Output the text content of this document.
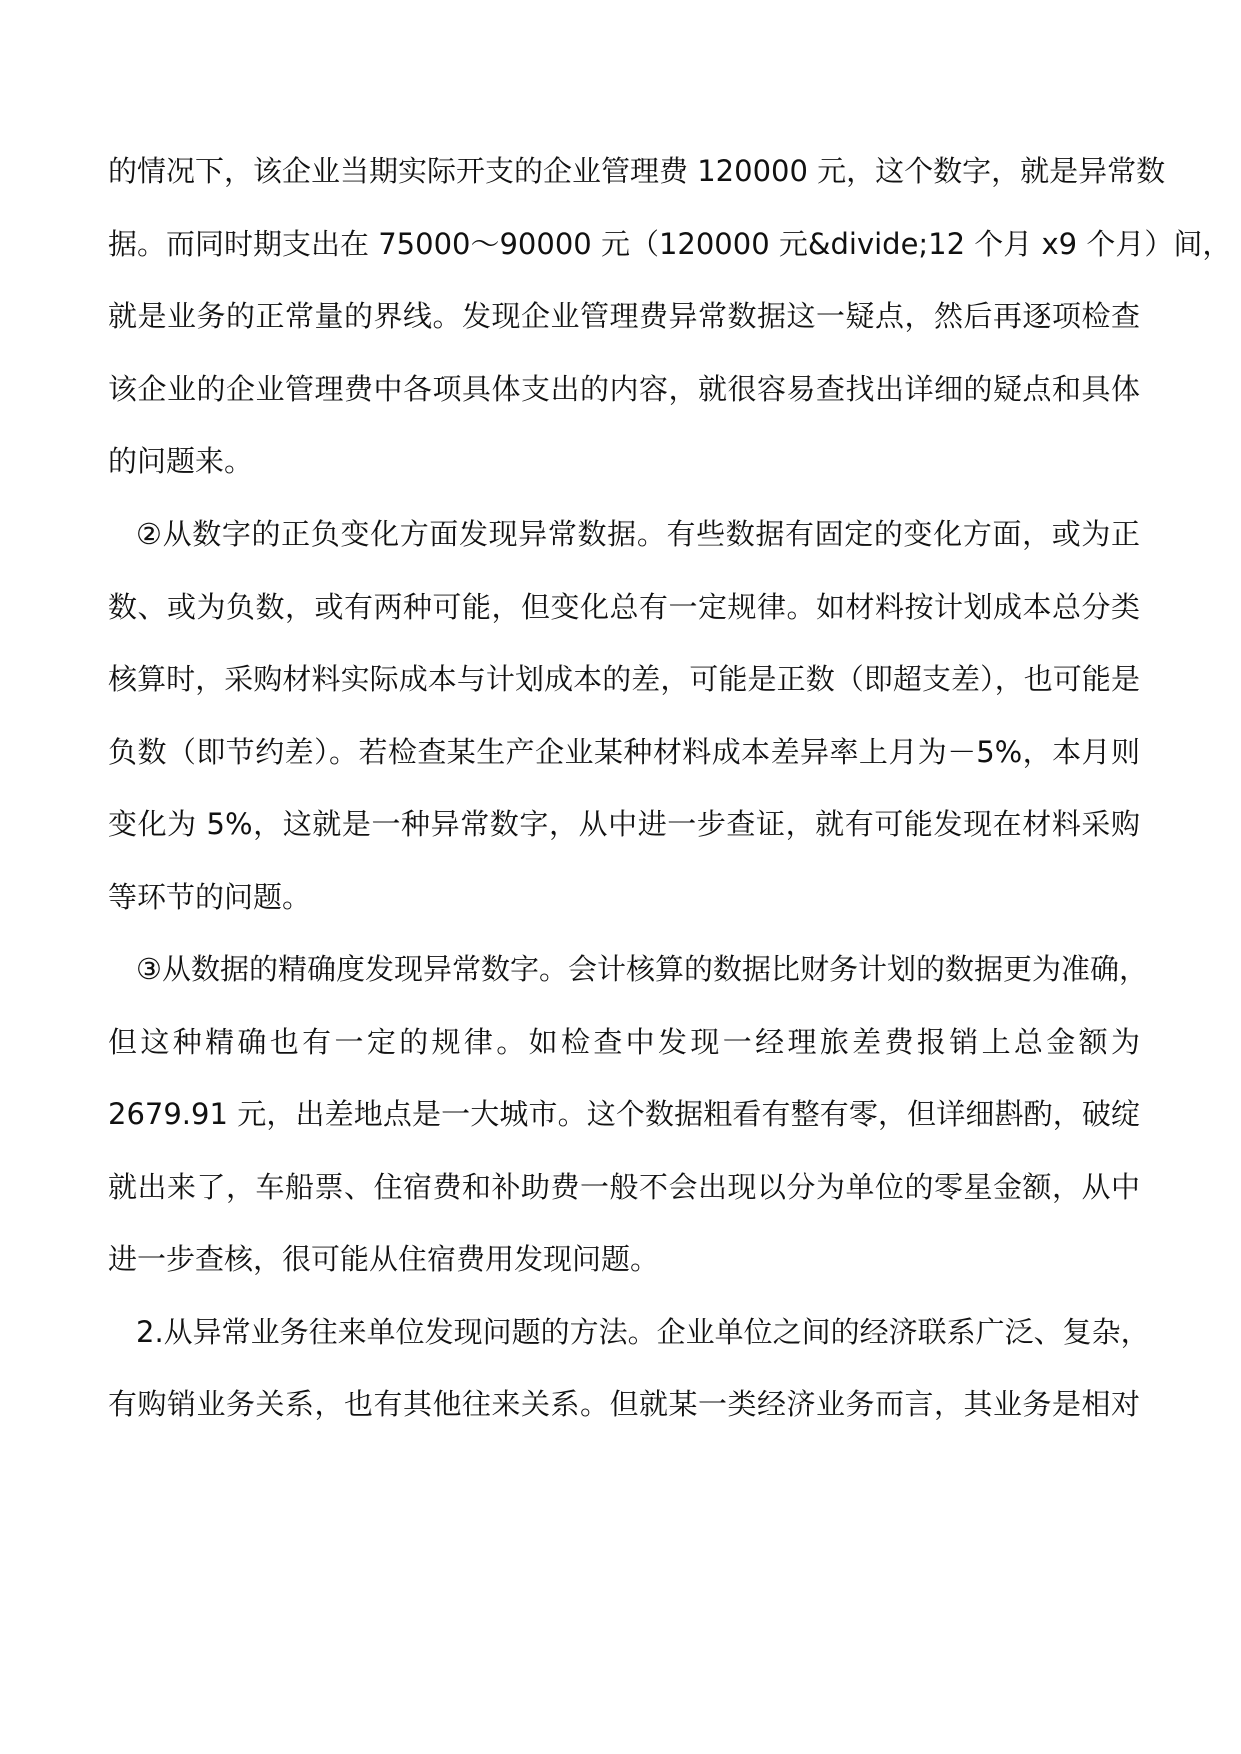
的情况下，该企业当期实际开支的企业管理费 120000 元，这个数字，就是异常数
据。而同时期支出在 75000～90000 元（120000 元&divide;12 个月 x9 个月）间，
就是业务的正常量的界线。发现企业管理费异常数据这一疑点，然后再逐项检查
该企业的企业管理费中各项具体支出的内容，就很容易查找出详细的疑点和具体
的问题来。
②从数字的正负变化方面发现异常数据。有些数据有固定的变化方面，或为正
数、或为负数，或有两种可能，但变化总有一定规律。如材料按计划成本总分类
核算时，采购材料实际成本与计划成本的差，可能是正数（即超支差），也可能是
负数（即节约差）。若检查某生产企业某种材料成本差异率上月为－5%，本月则
变化为 5%，这就是一种异常数字，从中进一步查证，就有可能发现在材料采购
等环节的问题。
③从数据的精确度发现异常数字。会计核算的数据比财务计划的数据更为准确，
但这种精确也有一定的规律。如检查中发现一经理旅差费报销上总金额为
2679.91 元，出差地点是一大城市。这个数据粗看有整有零，但详细斟酌，破绽
就出来了，车船票、住宿费和补助费一般不会出现以分为单位的零星金额，从中
进一步查核，很可能从住宿费用发现问题。
2.从异常业务往来单位发现问题的方法。企业单位之间的经济联系广泛、复杂，
有购销业务关系，也有其他往来关系。但就某一类经济业务而言，其业务是相对
